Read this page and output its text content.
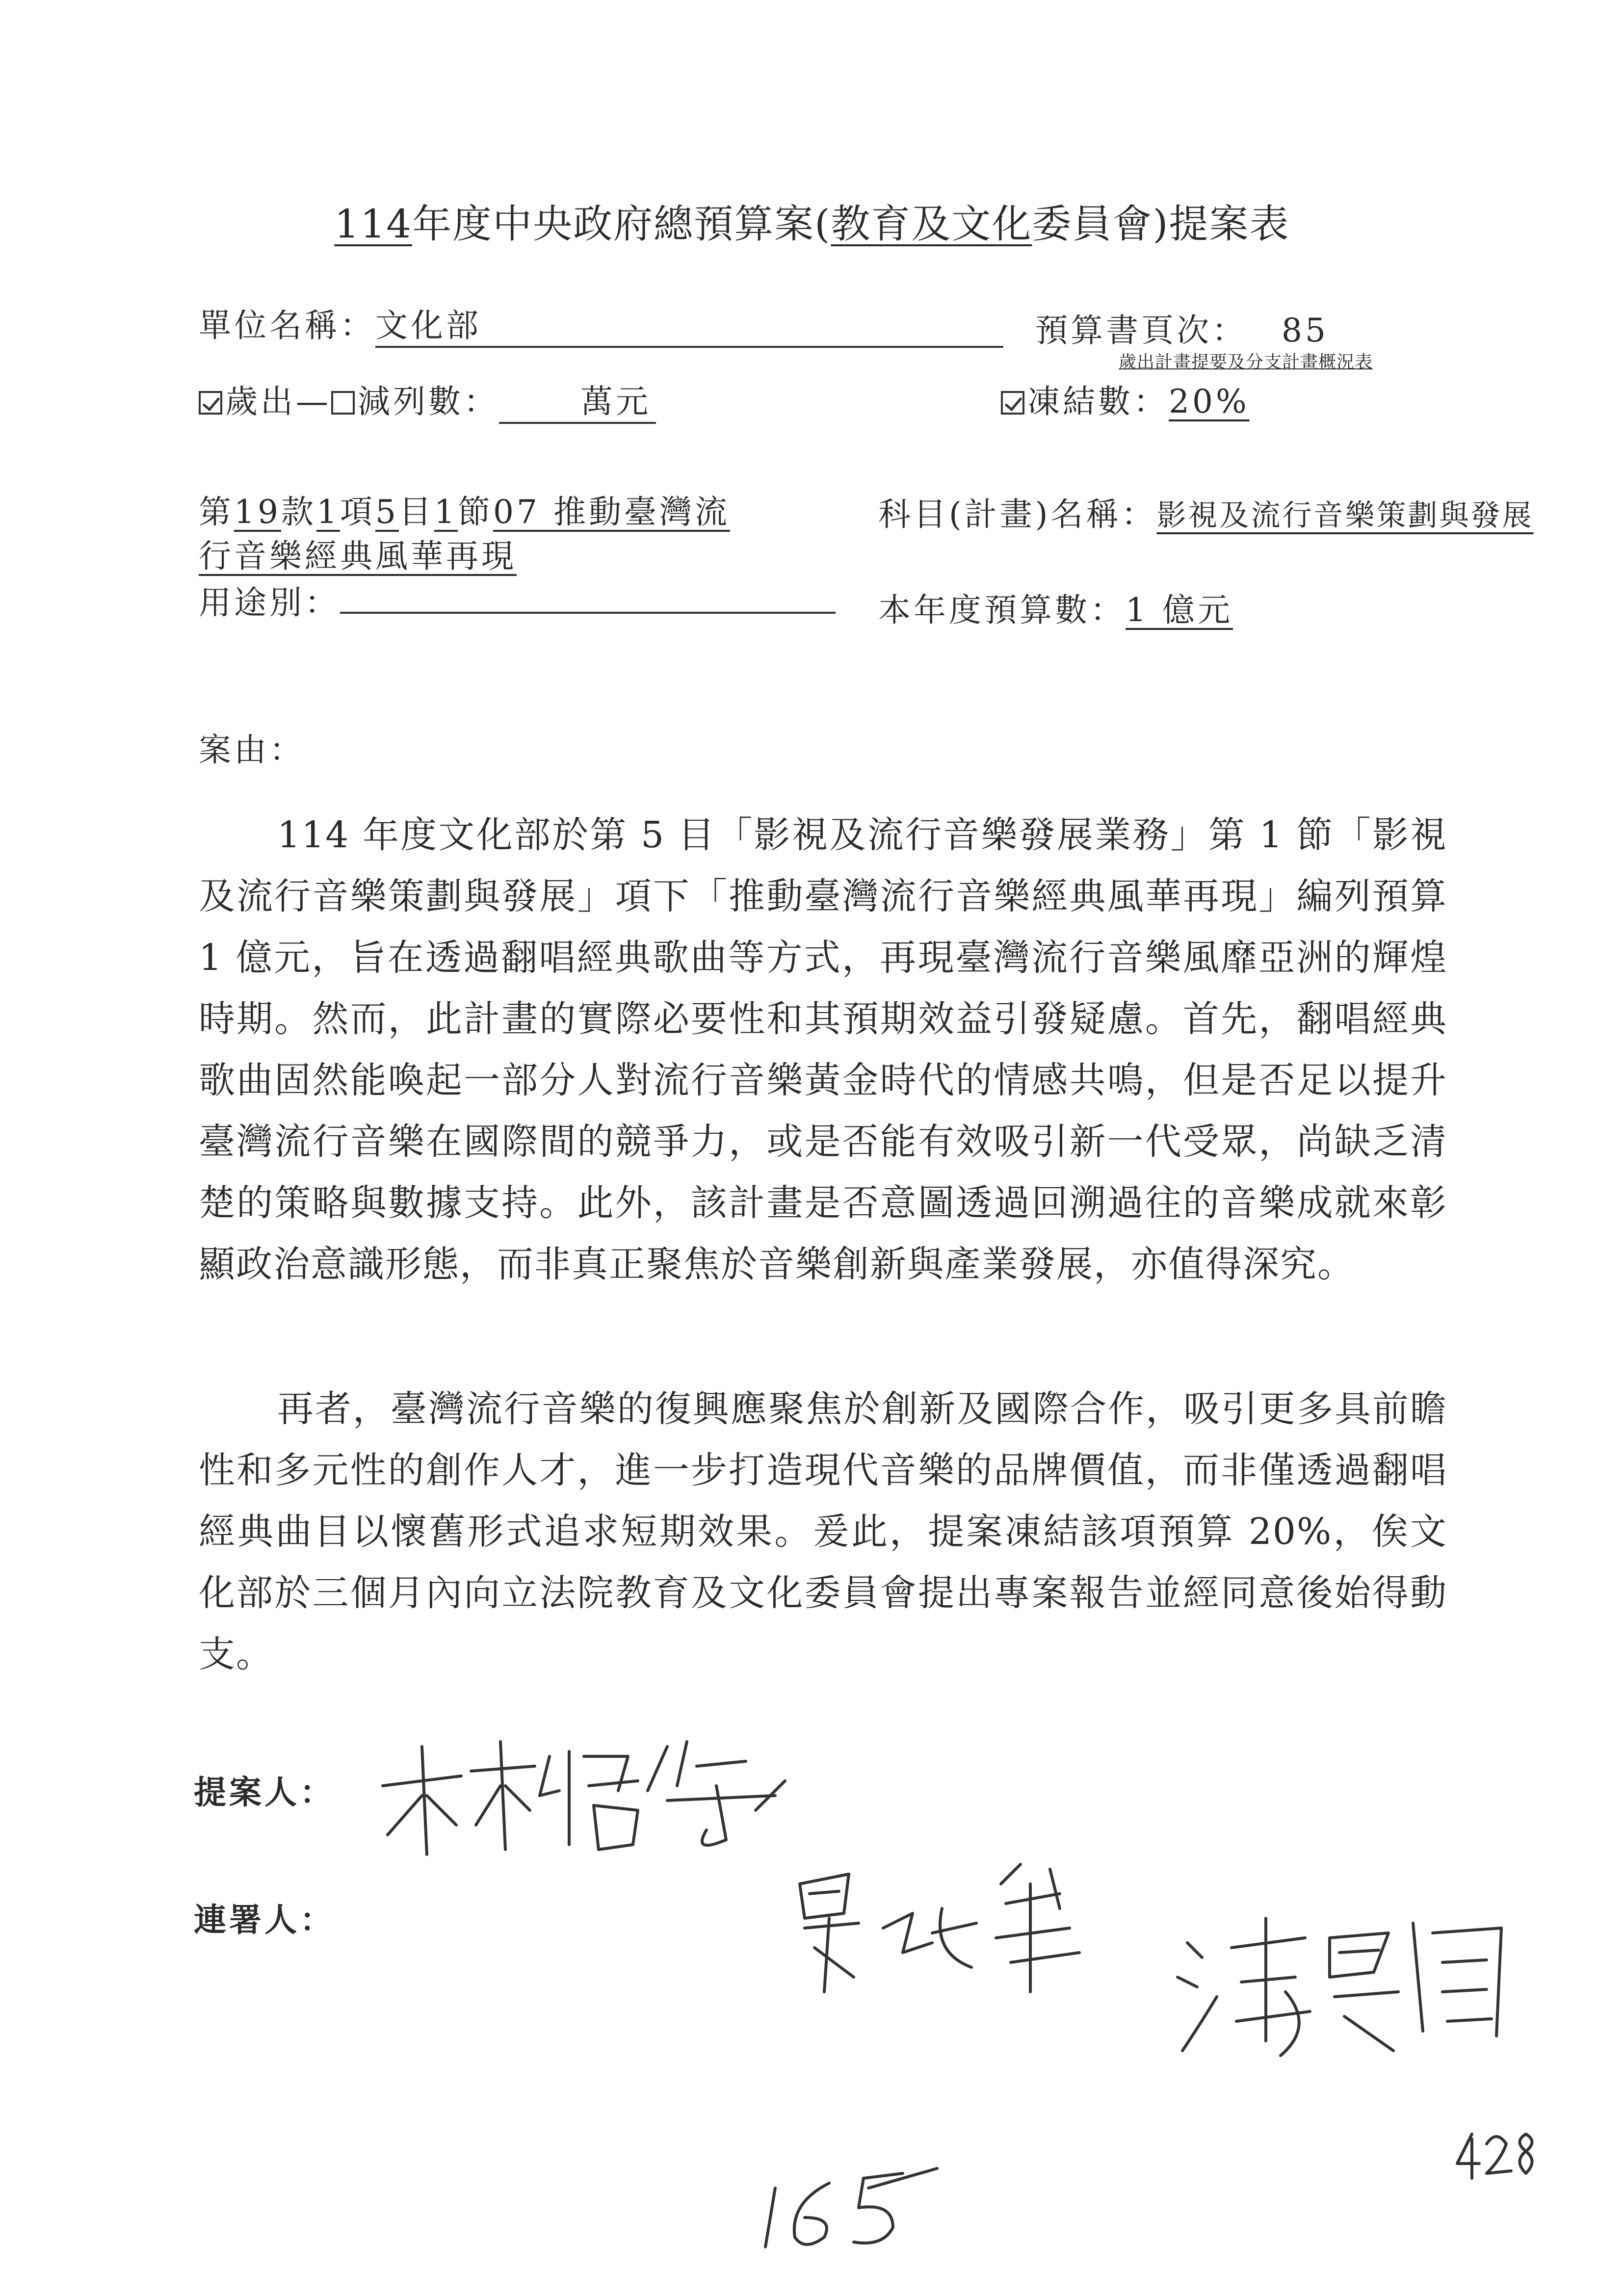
114年度中央政府總預算案(教育及文化委員會)提案表
單位名稱：文化部	預算書頁次： 85
歲出計畫提要及分支計畫概況表
歲出— 減列數：	萬元	凍結數：20%
第19款1項5目1節07 推動臺灣流
行音樂經典風華再現
科目(計畫)名稱：影視及流行音樂策劃與發展
用途別：	本年度預算數：1 億元
案由：
114 年度文化部於第 5 目「影視及流行音樂發展業務」第 1 節「影視及流行音樂策劃與發展」項下「推動臺灣流行音樂經典風華再現」編列預算 1 億元，旨在透過翻唱經典歌曲等方式，再現臺灣流行音樂風靡亞洲的輝煌時期。然而，此計畫的實際必要性和其預期效益引發疑慮。首先，翻唱經典歌曲固然能喚起一部分人對流行音樂黃金時代的情感共鳴，但是否足以提升臺灣流行音樂在國際間的競爭力，或是否能有效吸引新一代受眾，尚缺乏清楚的策略與數據支持。此外，該計畫是否意圖透過回溯過往的音樂成就來彰顯政治意識形態，而非真正聚焦於音樂創新與產業發展，亦值得深究。
再者，臺灣流行音樂的復興應聚焦於創新及國際合作，吸引更多具前瞻性和多元性的創作人才，進一步打造現代音樂的品牌價值，而非僅透過翻唱經典曲目以懷舊形式追求短期效果。爰此，提案凍結該項預算 20%，俟文化部於三個月內向立法院教育及文化委員會提出專案報告並經同意後始得動支。
提案人：
連署人：
